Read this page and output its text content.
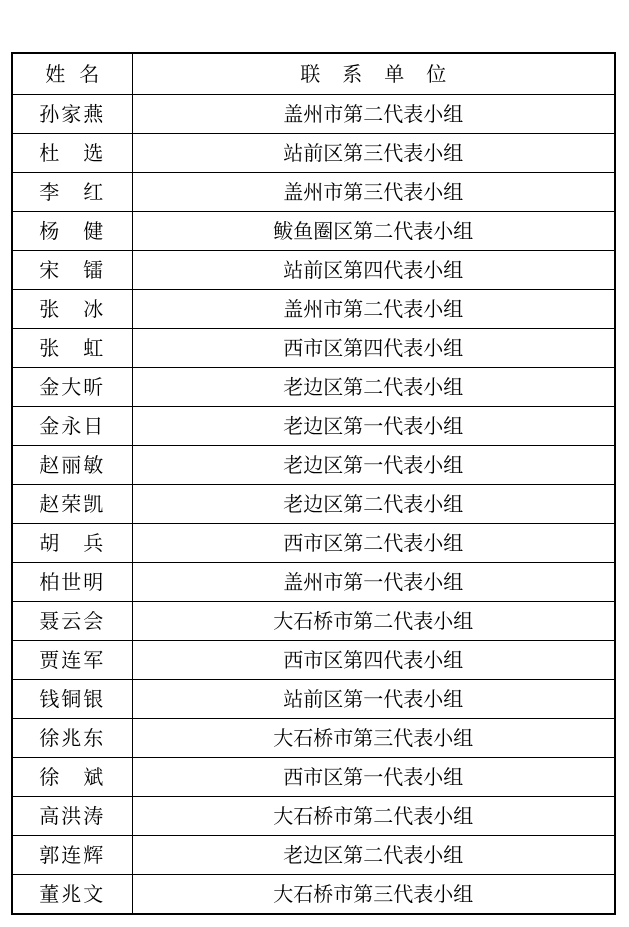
姓名	联系单位
孙家燕	盖州市第二代表小组
杜　选	站前区第三代表小组
李　红	盖州市第三代表小组
杨　健	鲅鱼圈区第二代表小组
宋　镭	站前区第四代表小组
张　冰	盖州市第二代表小组
张　虹	西市区第四代表小组
金大昕	老边区第二代表小组
金永日	老边区第一代表小组
赵丽敏	老边区第一代表小组
赵荣凯	老边区第二代表小组
胡　兵	西市区第二代表小组
柏世明	盖州市第一代表小组
聂云会	大石桥市第二代表小组
贾连军	西市区第四代表小组
钱铜银	站前区第一代表小组
徐兆东	大石桥市第三代表小组
徐　斌	西市区第一代表小组
高洪涛	大石桥市第二代表小组
郭连辉	老边区第二代表小组
董兆文	大石桥市第三代表小组
